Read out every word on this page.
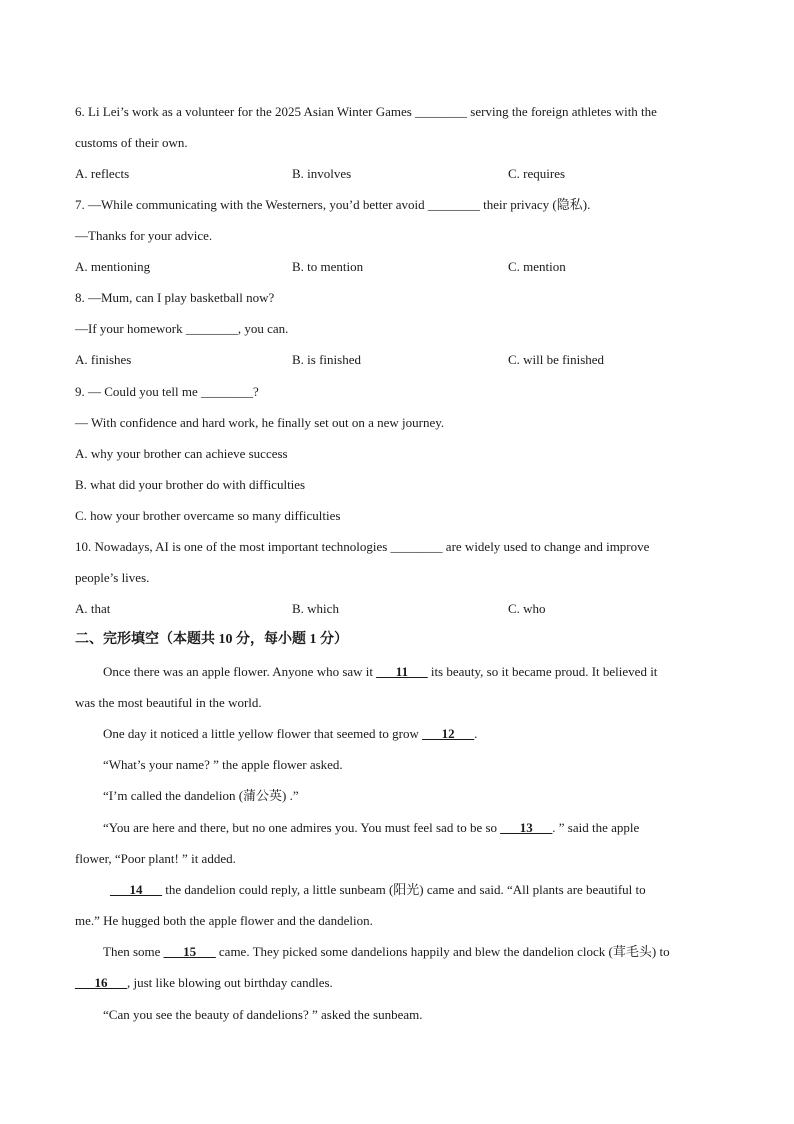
6. Li Lei’s work as a volunteer for the 2025 Asian Winter Games ________ serving the foreign athletes with the
customs of their own.
A. reflects	B. involves	C. requires
7. —While communicating with the Westerners, you’d better avoid ________ their privacy (隐私).
—Thanks for your advice.
A. mentioning	B. to mention	C. mention
8. —Mum, can I play basketball now?
—If your homework ________, you can.
A. finishes	B. is finished	C. will be finished
9. — Could you tell me ________?
— With confidence and hard work, he finally set out on a new journey.
A. why your brother can achieve success
B. what did your brother do with difficulties
C. how your brother overcame so many difficulties
10. Nowadays, AI is one of the most important technologies ________ are widely used to change and improve
people’s lives.
A. that	B. which	C. who
二、完形填空（本题共 10 分，每小题 1 分）
Once there was an apple flower. Anyone who saw it ___11___ its beauty, so it became proud. It believed it
was the most beautiful in the world.
One day it noticed a little yellow flower that seemed to grow ___12___.
“What’s your name? ” the apple flower asked.
“I’m called the dandelion (蒲公英) .”
“You are here and there, but no one admires you. You must feel sad to be so ___13___. ” said the apple
flower, “Poor plant! ” it added.
___14___ the dandelion could reply, a little sunbeam (阳光) came and said. “All plants are beautiful to
me.” He hugged both the apple flower and the dandelion.
Then some ___15___ came. They picked some dandelions happily and blew the dandelion clock (茸毛头) to
___16___, just like blowing out birthday candles.
“Can you see the beauty of dandelions? ” asked the sunbeam.
